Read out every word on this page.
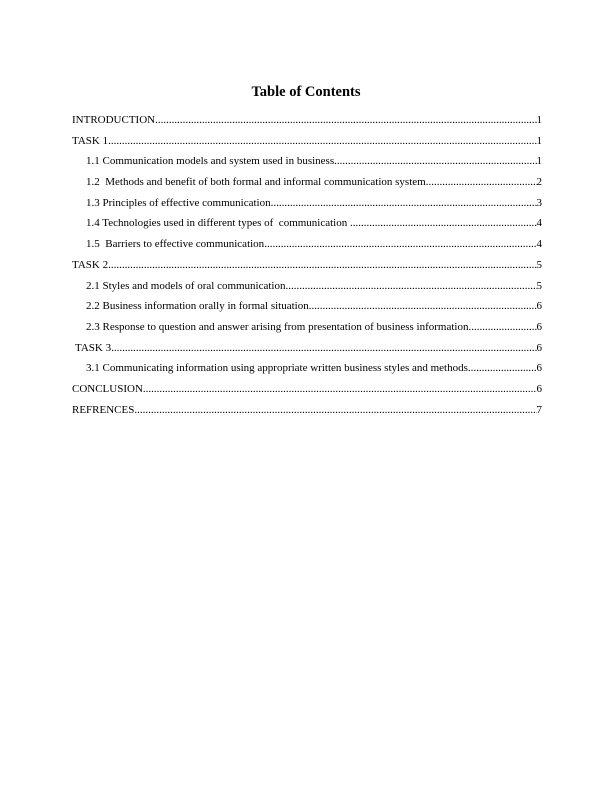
Table of Contents
INTRODUCTION .....	1
TASK 1 .....	1
1.1 Communication models and system used in business .....	1
1.2  Methods and benefit of both formal and informal communication system .....	2
1.3 Principles of effective communication .....	3
1.4 Technologies used in different types of  communication .....	4
1.5  Barriers to effective communication .....	4
TASK 2 .....	5
2.1 Styles and models of oral communication .....	5
2.2 Business information orally in formal situation .....	6
2.3 Response to question and answer arising from presentation of business information .....	6
TASK 3 .....	6
3.1 Communicating information using appropriate written business styles and methods .....	6
CONCLUSION .....	6
REFRENCES .....	7
